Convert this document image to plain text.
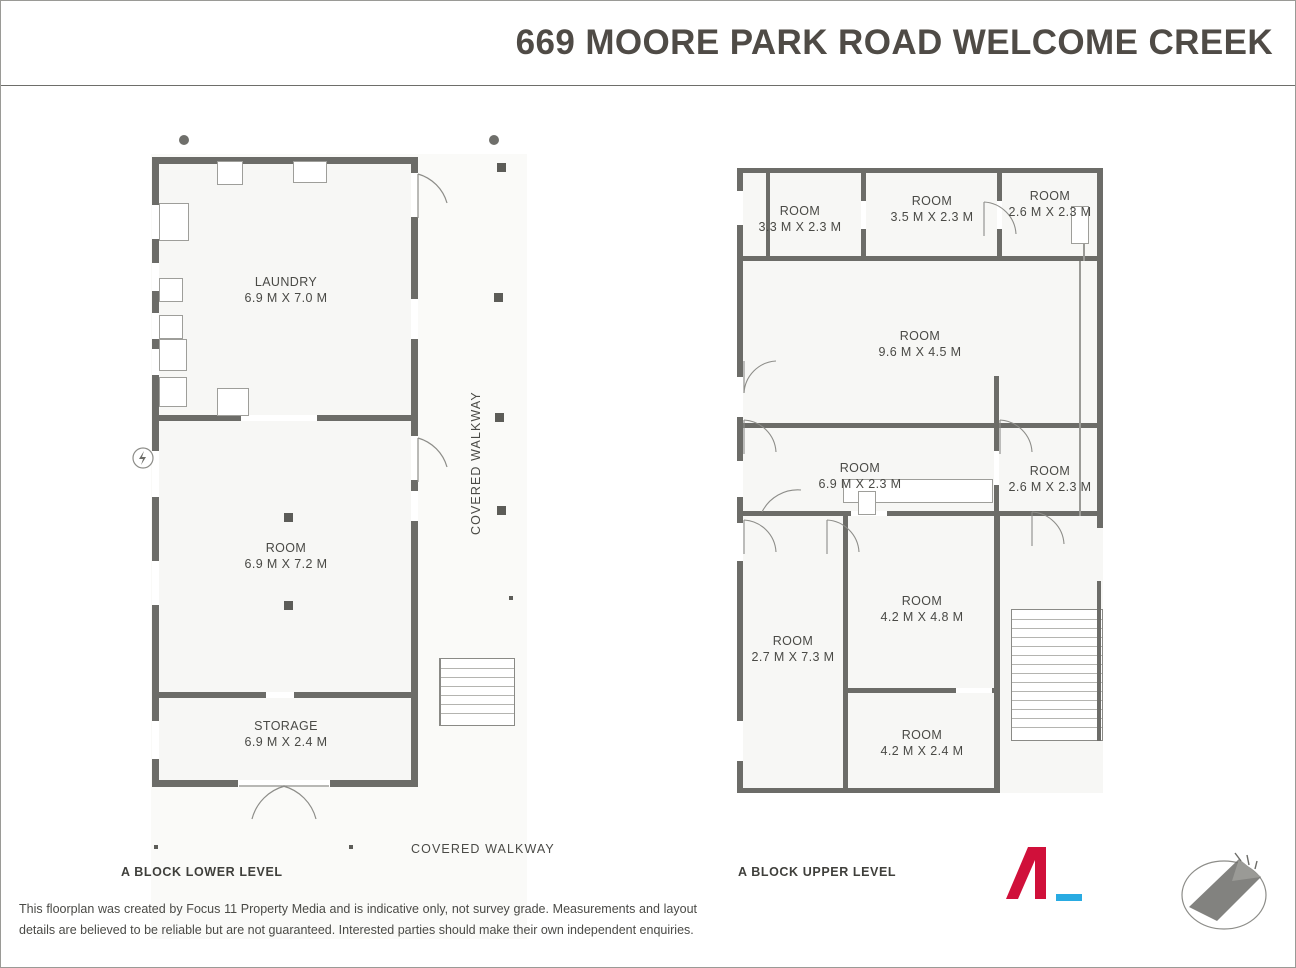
669 MOORE PARK ROAD WELCOME CREEK
LAUNDRY
6.9 M X 7.0 M
ROOM
6.9 M X 7.2 M
STORAGE
6.9 M X 2.4 M
COVERED WALKWAY
COVERED WALKWAY
A BLOCK LOWER LEVEL
ROOM
3.3 M X 2.3 M
ROOM
3.5 M X 2.3 M
ROOM
2.6 M X 2.3 M
ROOM
9.6 M X 4.5 M
ROOM
6.9 M X 2.3 M
ROOM
2.6 M X 2.3 M
ROOM
2.7 M X 7.3 M
ROOM
4.2 M X 4.8 M
ROOM
4.2 M X 2.4 M
A BLOCK UPPER LEVEL
This floorplan was created by Focus 11 Property Media and is indicative only, not survey grade. Measurements and layout details are believed to be reliable but are not guaranteed. Interested parties should make their own independent enquiries.
